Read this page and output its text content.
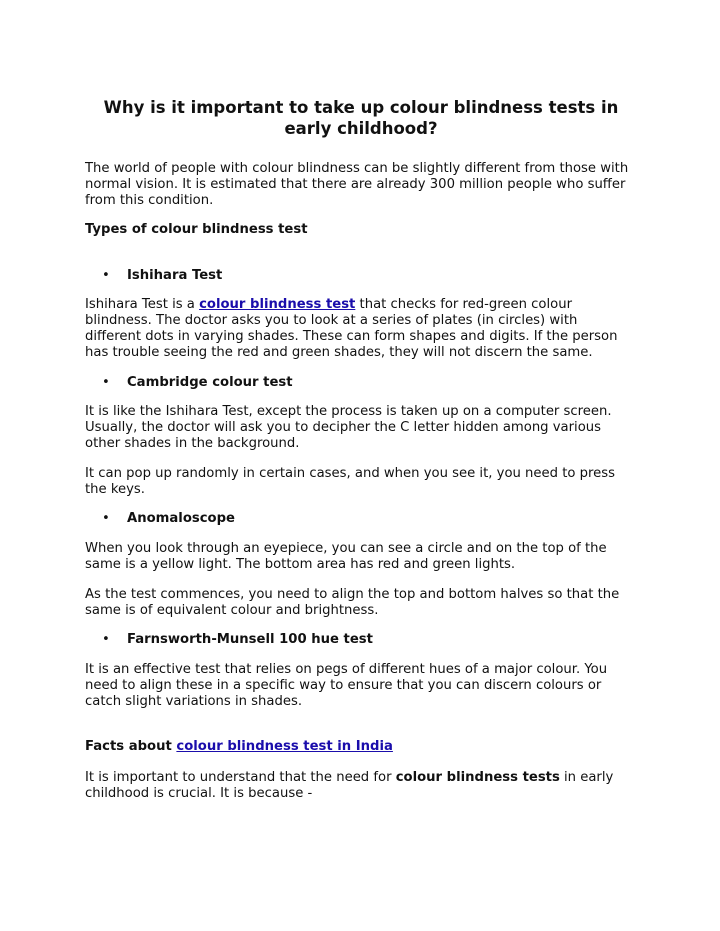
Why is it important to take up colour blindness tests in early childhood?

The world of people with colour blindness can be slightly different from those with normal vision. It is estimated that there are already 300 million people who suffer from this condition.

Types of colour blindness test

• Ishihara Test

Ishihara Test is a colour blindness test that checks for red-green colour blindness. The doctor asks you to look at a series of plates (in circles) with different dots in varying shades. These can form shapes and digits. If the person has trouble seeing the red and green shades, they will not discern the same.

• Cambridge colour test

It is like the Ishihara Test, except the process is taken up on a computer screen. Usually, the doctor will ask you to decipher the C letter hidden among various other shades in the background.

It can pop up randomly in certain cases, and when you see it, you need to press the keys.

• Anomaloscope

When you look through an eyepiece, you can see a circle and on the top of the same is a yellow light. The bottom area has red and green lights.

As the test commences, you need to align the top and bottom halves so that the same is of equivalent colour and brightness.

• Farnsworth-Munsell 100 hue test

It is an effective test that relies on pegs of different hues of a major colour. You need to align these in a specific way to ensure that you can discern colours or catch slight variations in shades.

Facts about colour blindness test in India

It is important to understand that the need for colour blindness tests in early childhood is crucial. It is because -
